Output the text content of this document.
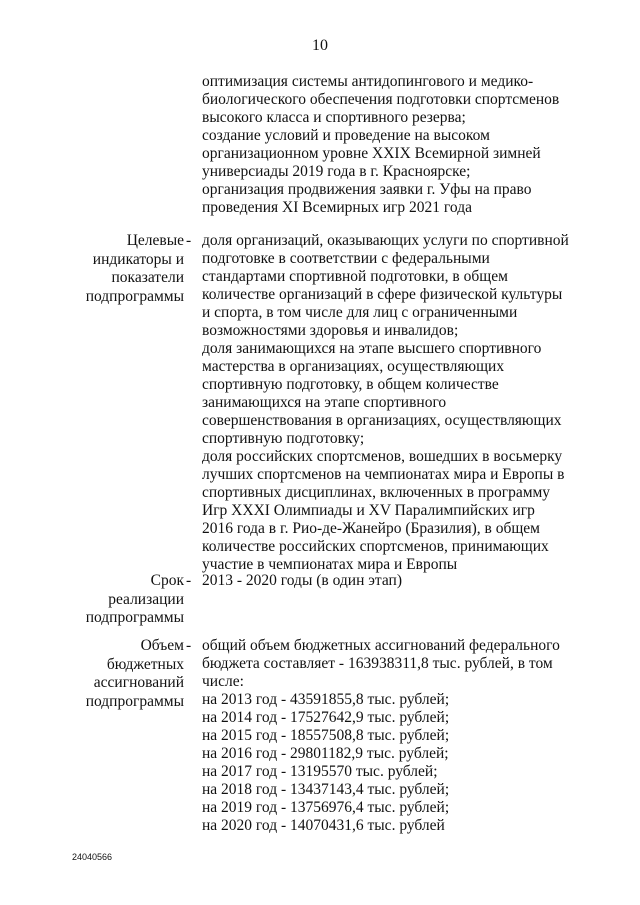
10
оптимизация системы антидопингового и медико-
биологического обеспечения подготовки спортсменов
высокого класса и спортивного резерва;
создание условий и проведение на высоком
организационном уровне XXIX Всемирной зимней
универсиады 2019 года в г. Красноярске;
организация продвижения заявки г. Уфы на право
проведения XI Всемирных игр 2021 года
Целевые
индикаторы и
показатели
подпрограммы
- доля организаций, оказывающих услуги по спортивной
подготовке в соответствии с федеральными
стандартами спортивной подготовки, в общем
количестве организаций в сфере физической культуры
и спорта, в том числе для лиц с ограниченными
возможностями здоровья и инвалидов;
доля занимающихся на этапе высшего спортивного
мастерства в организациях, осуществляющих
спортивную подготовку, в общем количестве
занимающихся на этапе спортивного
совершенствования в организациях, осуществляющих
спортивную подготовку;
доля российских спортсменов, вошедших в восьмерку
лучших спортсменов на чемпионатах мира и Европы в
спортивных дисциплинах, включенных в программу
Игр XXXI Олимпиады и XV Паралимпийских игр
2016 года в г. Рио-де-Жанейро (Бразилия), в общем
количестве российских спортсменов, принимающих
участие в чемпионатах мира и Европы
Срок
реализации
подпрограммы
- 2013 - 2020 годы (в один этап)
Объем
бюджетных
ассигнований
подпрограммы
- общий объем бюджетных ассигнований федерального
бюджета составляет - 163938311,8 тыс. рублей, в том
числе:
на 2013 год - 43591855,8 тыс. рублей;
на 2014 год - 17527642,9 тыс. рублей;
на 2015 год - 18557508,8 тыс. рублей;
на 2016 год - 29801182,9 тыс. рублей;
на 2017 год - 13195570 тыс. рублей;
на 2018 год - 13437143,4 тыс. рублей;
на 2019 год - 13756976,4 тыс. рублей;
на 2020 год - 14070431,6 тыс. рублей
24040566
